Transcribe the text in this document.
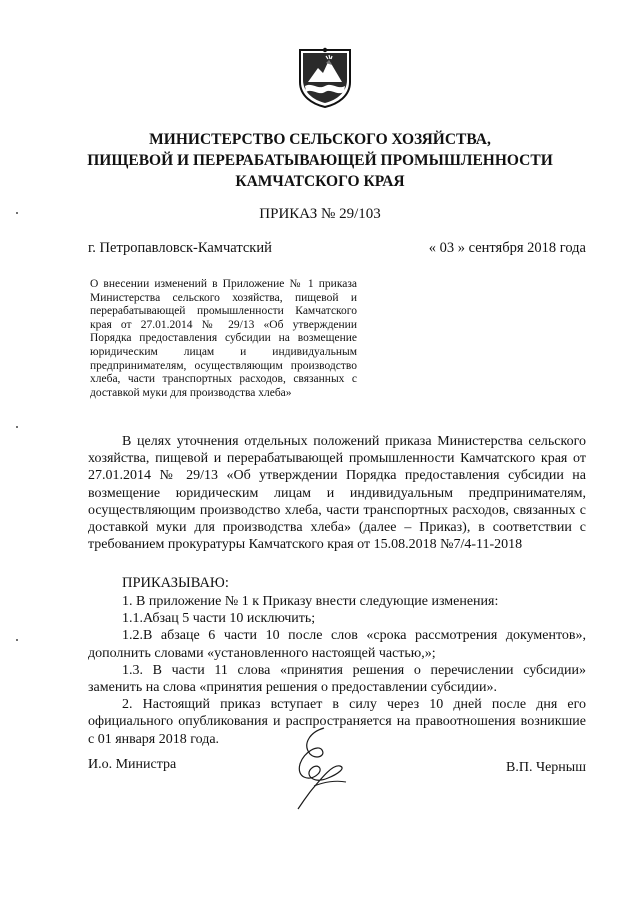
МИНИСТЕРСТВО СЕЛЬСКОГО ХОЗЯЙСТВА,
ПИЩЕВОЙ И ПЕРЕРАБАТЫВАЮЩЕЙ ПРОМЫШЛЕННОСТИ
КАМЧАТСКОГО КРАЯ
ПРИКАЗ № 29/103
г. Петропавловск-Камчатский	« 03 » сентября 2018 года
О внесении изменений в Приложение № 1 приказа Министерства сельского хозяйства, пищевой и перерабатывающей промышленности Камчатского края от 27.01.2014 № 29/13 «Об утверждении Порядка предоставления субсидии на возмещение юридическим лицам и индивидуальным предпринимателям, осуществляющим производство хлеба, части транспортных расходов, связанных с доставкой муки для производства хлеба»
В целях уточнения отдельных положений приказа Министерства сельского хозяйства, пищевой и перерабатывающей промышленности Камчатского края от 27.01.2014 № 29/13 «Об утверждении Порядка предоставления субсидии на возмещение юридическим лицам и индивидуальным предпринимателям, осуществляющим производство хлеба, части транспортных расходов, связанных с доставкой муки для производства хлеба» (далее – Приказ), в соответствии с требованием прокуратуры Камчатского края от 15.08.2018 №7/4-11-2018
ПРИКАЗЫВАЮ:

1. В приложение № 1 к Приказу внести следующие изменения:

1.1.Абзац 5 части 10 исключить;

1.2.В абзаце 6 части 10 после слов «срока рассмотрения документов», дополнить словами «установленного настоящей частью,»;

1.3. В части 11 слова «принятия решения о перечислении субсидии» заменить на слова «принятия решения о предоставлении субсидии».

2. Настоящий приказ вступает в силу через 10 дней после дня его официального опубликования и распространяется на правоотношения возникшие с 01 января 2018 года.

И.о. Министра	В.П. Черныш
